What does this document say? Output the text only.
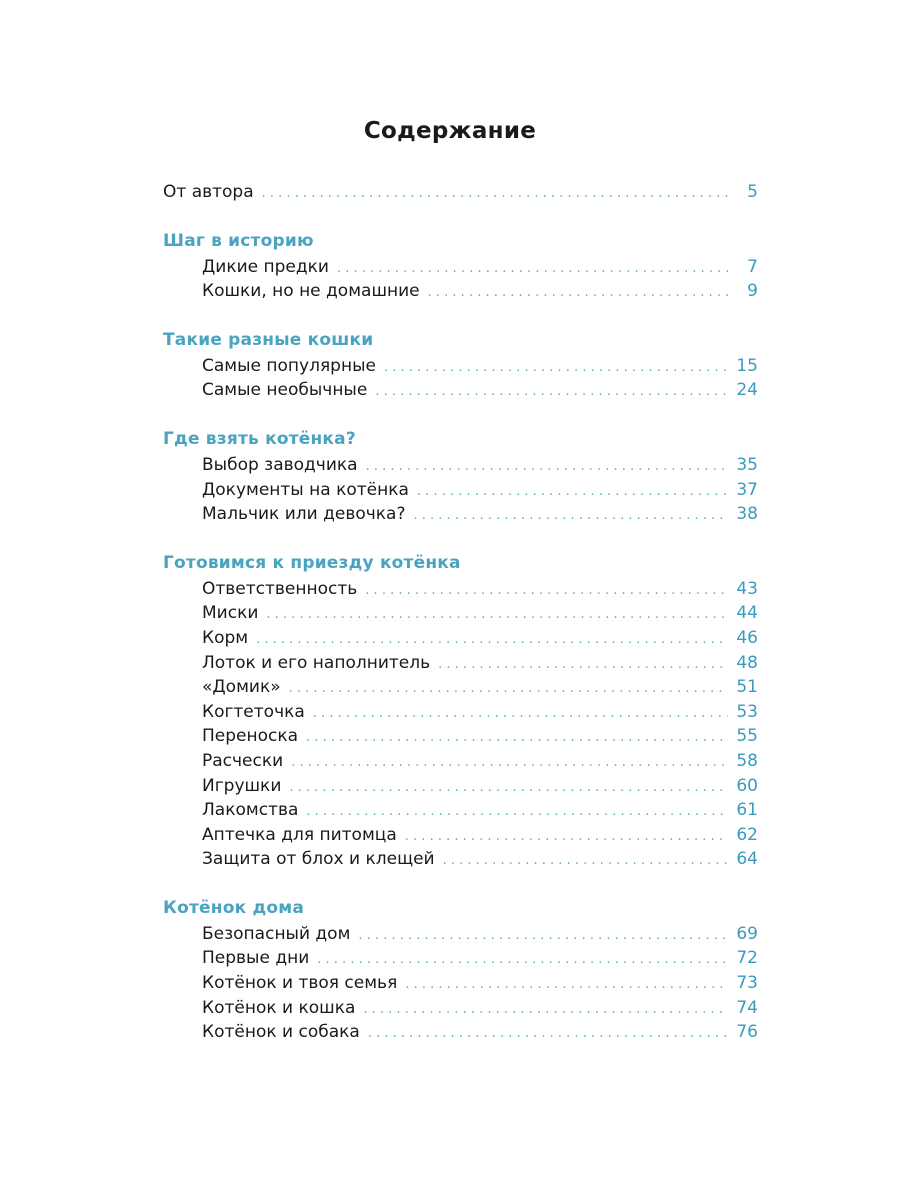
Содержание
От автора . . .	5
Шаг в историю
Дикие предки . . .	7
Кошки, но не домашние . . .	9
Такие разные кошки
Самые популярные . . .	15
Самые необычные . . .	24
Где взять котёнка?
Выбор заводчика . . .	35
Документы на котёнка . . .	37
Мальчик или девочка? . . .	38
Готовимся к приезду котёнка
Ответственность . . .	43
Миски . . .	44
Корм . . .	46
Лоток и его наполнитель . . .	48
«Домик» . . .	51
Когтеточка . . .	53
Переноска . . .	55
Расчески . . .	58
Игрушки . . .	60
Лакомства . . .	61
Аптечка для питомца . . .	62
Защита от блох и клещей . . .	64
Котёнок дома
Безопасный дом . . .	69
Первые дни . . .	72
Котёнок и твоя семья . . .	73
Котёнок и кошка . . .	74
Котёнок и собака . . .	76
